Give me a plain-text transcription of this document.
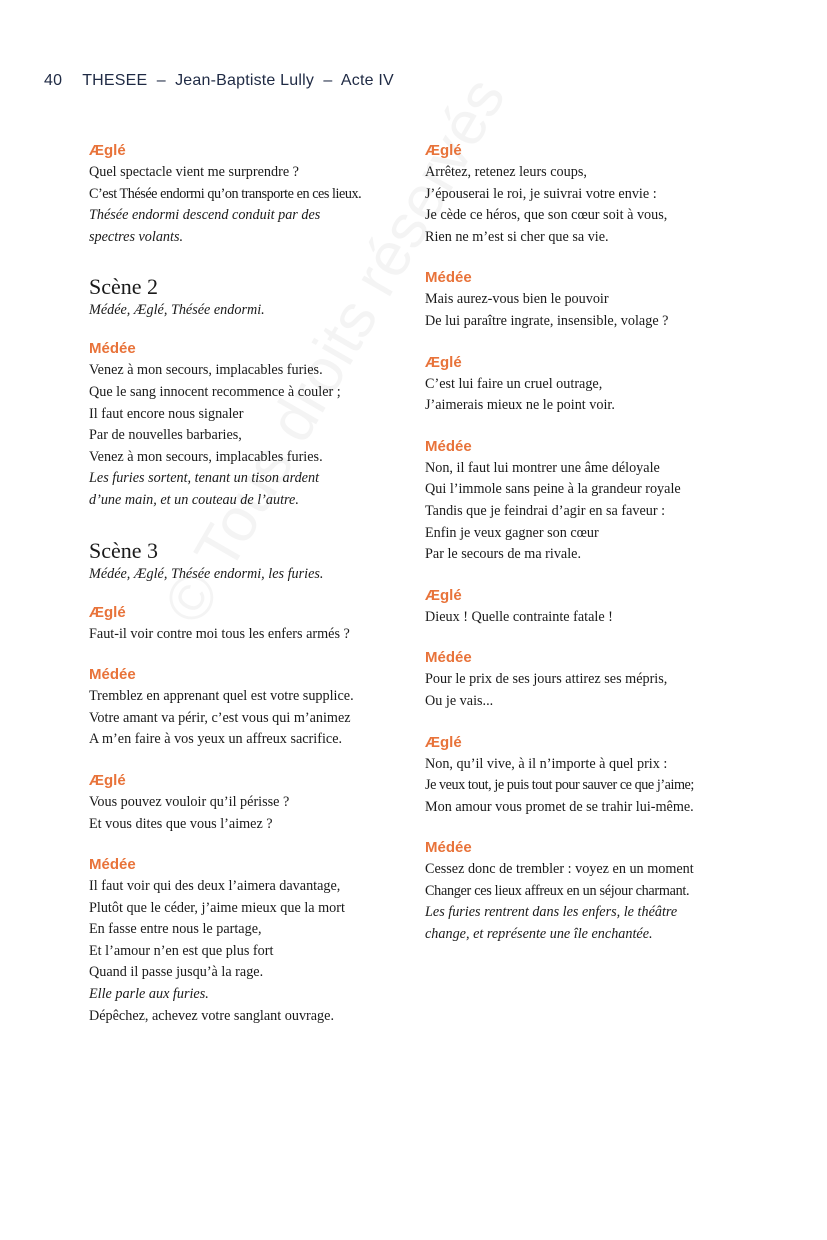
40 THESEE  –  Jean-Baptiste Lully  –  Acte IV
Æglé
Quel spectacle vient me surprendre ?
C’est Thésée endormi qu’on transporte en ces lieux.
Thésée endormi descend conduit par des
spectres volants.
Scène 2
Médée, Æglé, Thésée endormi.
Médée
Venez à mon secours, implacables furies.
Que le sang innocent recommence à couler ;
Il faut encore nous signaler
Par de nouvelles barbaries,
Venez à mon secours, implacables furies.
Les furies sortent, tenant un tison ardent
d’une main, et un couteau de l’autre.
Scène 3
Médée, Æglé, Thésée endormi, les furies.
Æglé
Faut-il voir contre moi tous les enfers armés ?
Médée
Tremblez en apprenant quel est votre supplice.
Votre amant va périr, c’est vous qui m’animez
A m’en faire à vos yeux un affreux sacrifice.
Æglé
Vous pouvez vouloir qu’il périsse ?
Et vous dites que vous l’aimez ?
Médée
Il faut voir qui des deux l’aimera davantage,
Plutôt que le céder, j’aime mieux que la mort
En fasse entre nous le partage,
Et l’amour n’en est que plus fort
Quand il passe jusqu’à la rage.
Elle parle aux furies.
Dépêchez, achevez votre sanglant ouvrage.
Æglé
Arrêtez, retenez leurs coups,
J’épouserai le roi, je suivrai votre envie :
Je cède ce héros, que son cœur soit à vous,
Rien ne m’est si cher que sa vie.
Médée
Mais aurez-vous bien le pouvoir
De lui paraître ingrate, insensible, volage ?
Æglé
C’est lui faire un cruel outrage,
J’aimerais mieux ne le point voir.
Médée
Non, il faut lui montrer une âme déloyale
Qui l’immole sans peine à la grandeur royale
Tandis que je feindrai d’agir en sa faveur :
Enfin je veux gagner son cœur
Par le secours de ma rivale.
Æglé
Dieux ! Quelle contrainte fatale !
Médée
Pour le prix de ses jours attirez ses mépris,
Ou je vais...
Æglé
Non, qu’il vive, à il n’importe à quel prix :
Je veux tout, je puis tout pour sauver ce que j’aime;
Mon amour vous promet de se trahir lui-même.
Médée
Cessez donc de trembler : voyez en un moment
Changer ces lieux affreux en un séjour charmant.
Les furies rentrent dans les enfers, le théâtre
change, et représente une île enchantée.
